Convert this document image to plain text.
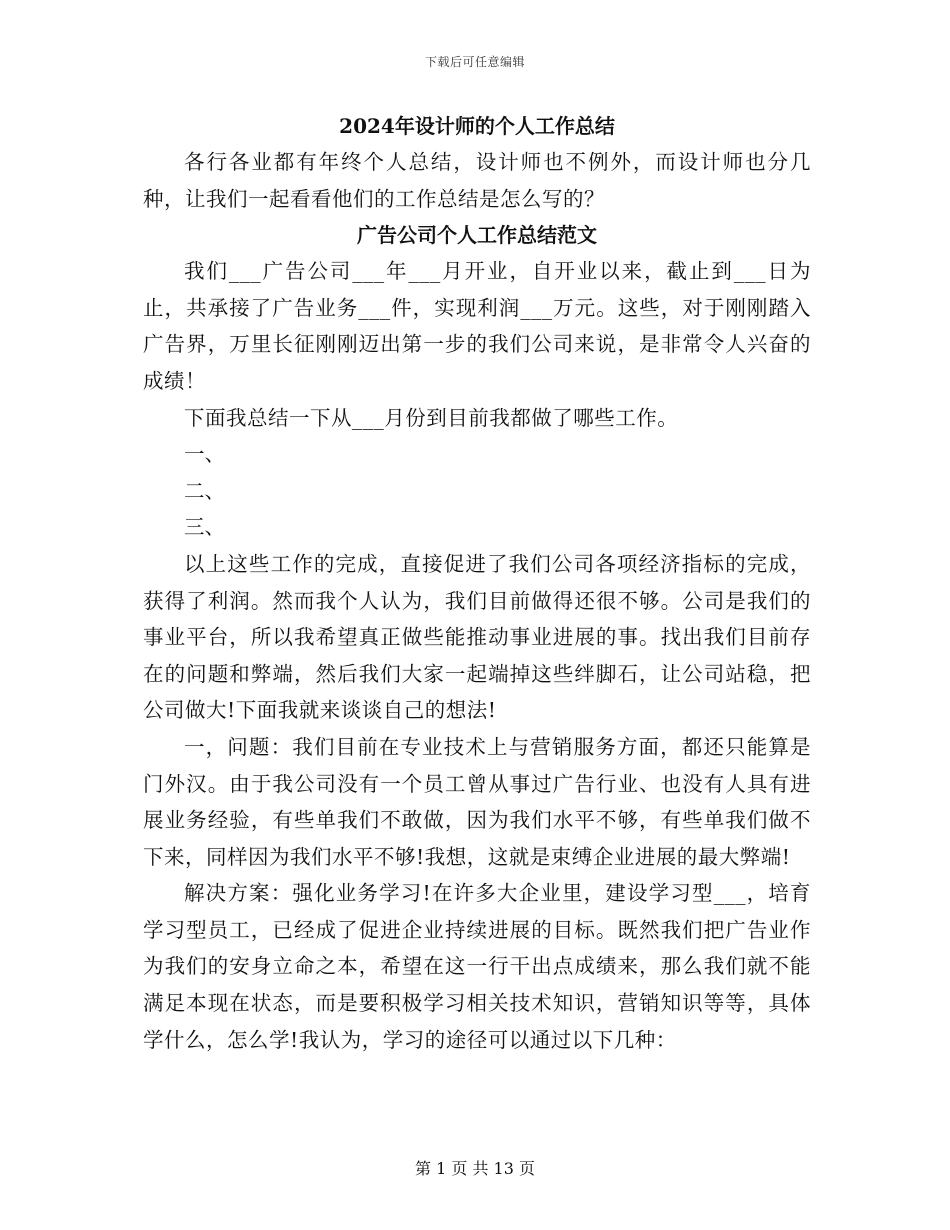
下载后可任意编辑
2024年设计师的个人工作总结

各行各业都有年终个人总结，设计师也不例外，而设计师也分几种，让我们一起看看他们的工作总结是怎么写的？

广告公司个人工作总结范文

我们___广告公司___年___月开业，自开业以来，截止到___日为止，共承接了广告业务___件，实现利润___万元。这些，对于刚刚踏入广告界，万里长征刚刚迈出第一步的我们公司来说，是非常令人兴奋的成绩！

下面我总结一下从___月份到目前我都做了哪些工作。

一、

二、

三、

以上这些工作的完成，直接促进了我们公司各项经济指标的完成，获得了利润。然而我个人认为，我们目前做得还很不够。公司是我们的事业平台，所以我希望真正做些能推动事业进展的事。找出我们目前存在的问题和弊端，然后我们大家一起端掉这些绊脚石，让公司站稳，把公司做大!下面我就来谈谈自己的想法!

一，问题：我们目前在专业技术上与营销服务方面，都还只能算是门外汉。由于我公司没有一个员工曾从事过广告行业、也没有人具有进展业务经验，有些单我们不敢做，因为我们水平不够，有些单我们做不下来，同样因为我们水平不够!我想，这就是束缚企业进展的最大弊端!

解决方案：强化业务学习!在许多大企业里，建设学习型___，培育学习型员工，已经成了促进企业持续进展的目标。既然我们把广告业作为我们的安身立命之本，希望在这一行干出点成绩来，那么我们就不能满足本现在状态，而是要积极学习相关技术知识，营销知识等等，具体学什么，怎么学!我认为，学习的途径可以通过以下几种：

第 1 页 共 13 页
